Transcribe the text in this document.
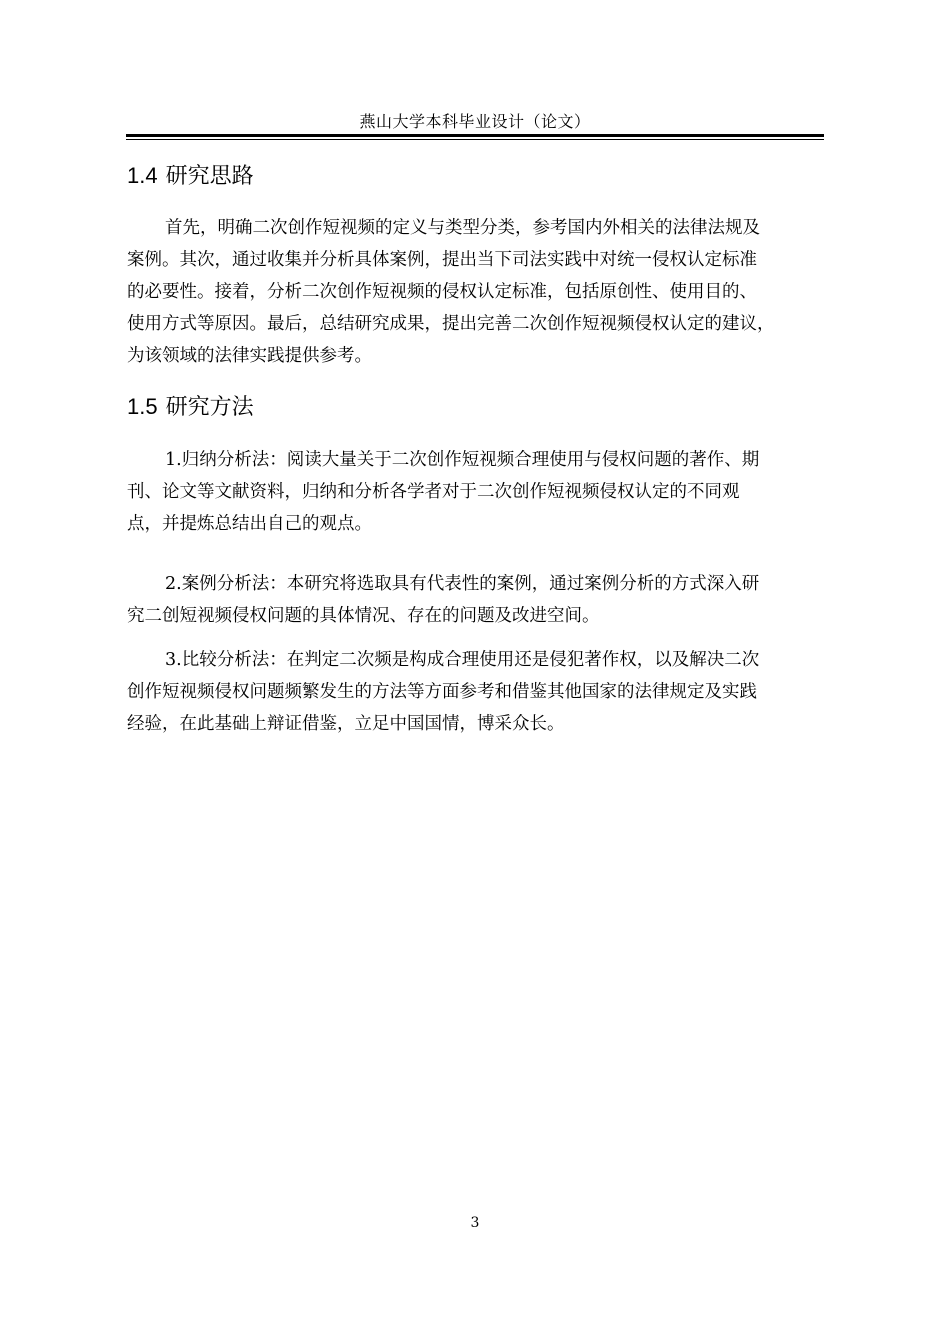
燕山大学本科毕业设计（论文）
1.4 研究思路
首先，明确二次创作短视频的定义与类型分类，参考国内外相关的法律法规及
案例。其次，通过收集并分析具体案例，提出当下司法实践中对统一侵权认定标准
的必要性。接着，分析二次创作短视频的侵权认定标准，包括原创性、使用目的、
使用方式等原因。最后，总结研究成果，提出完善二次创作短视频侵权认定的建议，
为该领域的法律实践提供参考。
1.5 研究方法
1.归纳分析法：阅读大量关于二次创作短视频合理使用与侵权问题的著作、期
刊、论文等文献资料，归纳和分析各学者对于二次创作短视频侵权认定的不同观
点，并提炼总结出自己的观点。
2.案例分析法：本研究将选取具有代表性的案例，通过案例分析的方式深入研
究二创短视频侵权问题的具体情况、存在的问题及改进空间。
3.比较分析法：在判定二次频是构成合理使用还是侵犯著作权，以及解决二次
创作短视频侵权问题频繁发生的方法等方面参考和借鉴其他国家的法律规定及实践
经验，在此基础上辩证借鉴，立足中国国情，博采众长。
3
